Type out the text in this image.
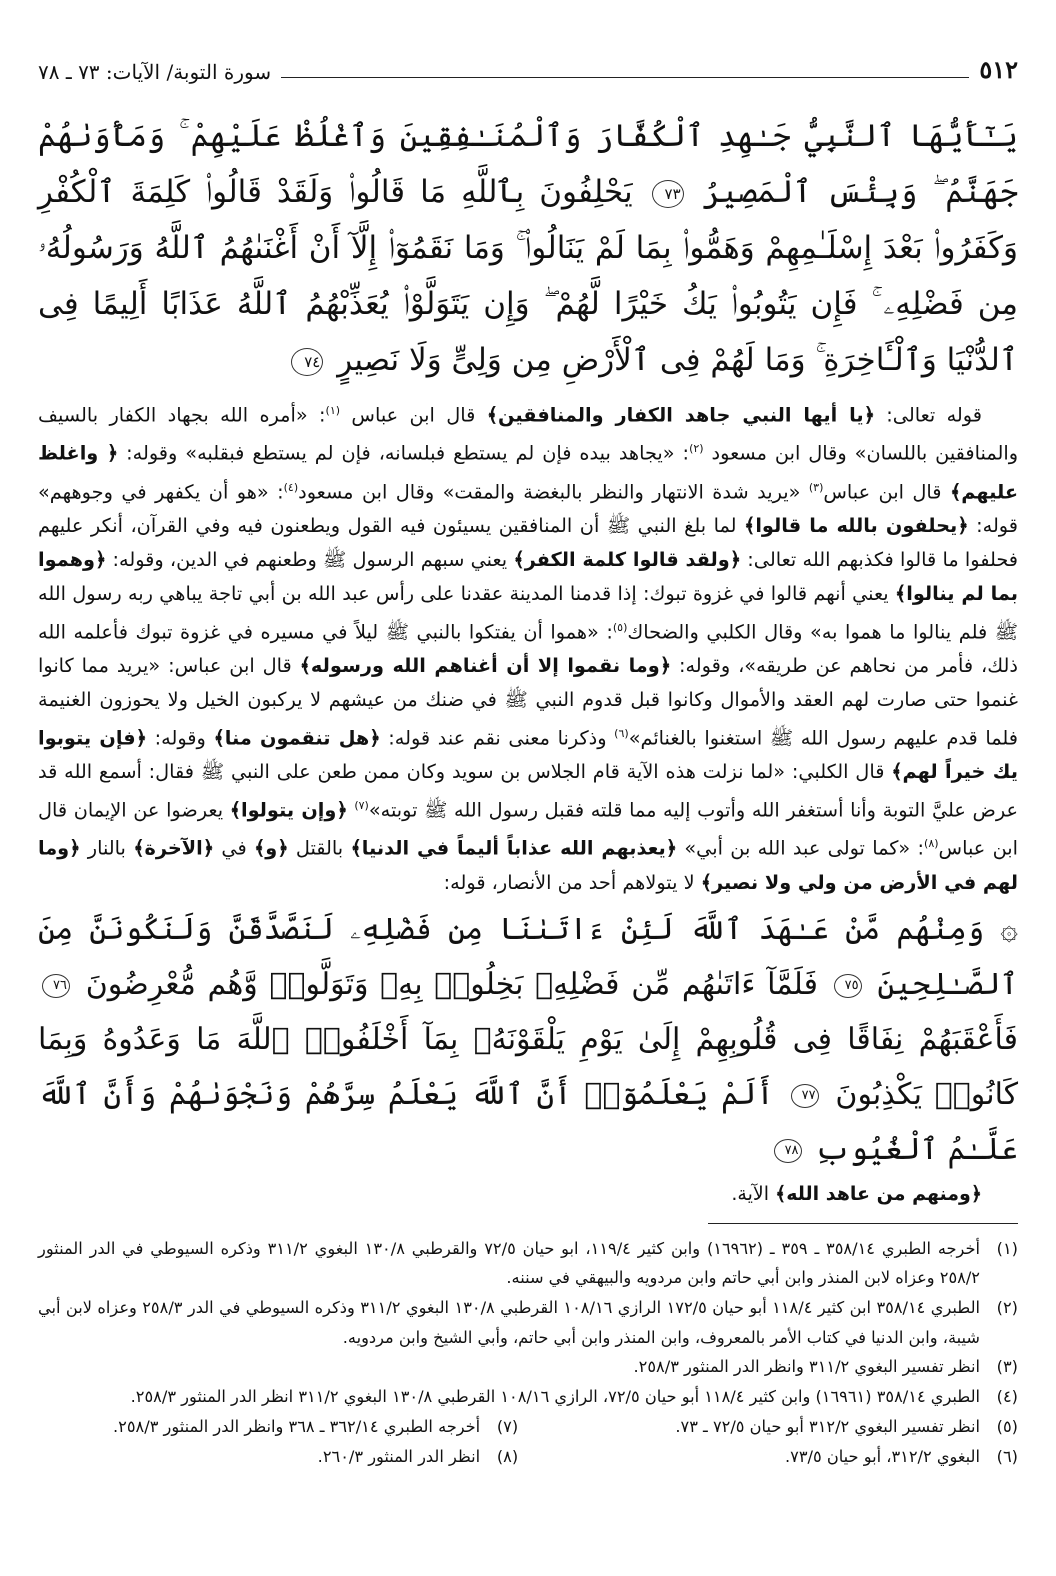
٥١٢
سورة التوبة/ الآيات: ٧٣ ـ ٧٨
يَـٰٓأَيُّهَا ٱلنَّبِيُّ جَـٰهِدِ ٱلْكُفَّارَ وَٱلْمُنَـٰفِقِينَ وَٱغْلُظْ عَلَيْهِمْ ۚ وَمَأْوَىٰهُمْ جَهَنَّمُ ۖ وَبِئْسَ ٱلْمَصِيرُ ٧٣ يَحْلِفُونَ بِٱللَّهِ مَا قَالُوا۟ وَلَقَدْ قَالُوا۟ كَلِمَةَ ٱلْكُفْرِ وَكَفَرُوا۟ بَعْدَ إِسْلَـٰمِهِمْ وَهَمُّوا۟ بِمَا لَمْ يَنَالُوا۟ ۚ وَمَا نَقَمُوٓا۟ إِلَّآ أَنْ أَغْنَىٰهُمُ ٱللَّهُ وَرَسُولُهُۥ مِن فَضْلِهِۦ ۚ فَإِن يَتُوبُوا۟ يَكُ خَيْرًا لَّهُمْ ۖ وَإِن يَتَوَلَّوْا۟ يُعَذِّبْهُمُ ٱللَّهُ عَذَابًا أَلِيمًا فِى ٱلدُّنْيَا وَٱلْـَٔاخِرَةِ ۚ وَمَا لَهُمْ فِى ٱلْأَرْضِ مِن وَلِىٍّ وَلَا نَصِيرٍ ٧٤

قوله تعالى: ﴿يا أيها النبي جاهد الكفار والمنافقين﴾ قال ابن عباس $^{(١)}$: «أمره الله بجهاد الكفار بالسيف والمنافقين باللسان» وقال ابن مسعود $^{(٢)}$: «يجاهد بيده فإن لم يستطع فبلسانه، فإن لم يستطع فبقلبه» وقوله: ﴿ واغلظ عليهم﴾ قال ابن عباس$^{(٣)}$ «يريد شدة الانتهار والنظر بالبغضة والمقت» وقال ابن مسعود$^{(٤)}$: «هو أن يكفهر في وجوههم» قوله: ﴿يحلفون بالله ما قالوا﴾ لما بلغ النبي ﷺ أن المنافقين يسيئون فيه القول ويطعنون فيه وفي القرآن، أنكر عليهم فحلفوا ما قالوا فكذبهم الله تعالى: ﴿ولقد قالوا كلمة الكفر﴾ يعني سبهم الرسول ﷺ وطعنهم في الدين، وقوله: ﴿وهموا بما لم ينالوا﴾ يعني أنهم قالوا في غزوة تبوك: إذا قدمنا المدينة عقدنا على رأس عبد الله بن أبي تاجة يباهي ربه رسول الله ﷺ فلم ينالوا ما هموا به» وقال الكلبي والضحاك$^{(٥)}$: «هموا أن يفتكوا بالنبي ﷺ ليلاً في مسيره في غزوة تبوك فأعلمه الله ذلك، فأمر من نحاهم عن طريقه»، وقوله: ﴿وما نقموا إلا أن أغناهم الله ورسوله﴾ قال ابن عباس: «يريد مما كانوا غنموا حتى صارت لهم العقد والأموال وكانوا قبل قدوم النبي ﷺ في ضنك من عيشهم لا يركبون الخيل ولا يحوزون الغنيمة فلما قدم عليهم رسول الله ﷺ استغنوا بالغنائم»$^{(٦)}$ وذكرنا معنى نقم عند قوله: ﴿هل تنقمون منا﴾ وقوله: ﴿فإن يتوبوا يك خيراً لهم﴾ قال الكلبي: «لما نزلت هذه الآية قام الجلاس بن سويد وكان ممن طعن على النبي ﷺ فقال: أسمع الله قد عرض عليَّ التوبة وأنا أستغفر الله وأتوب إليه مما قلته فقبل رسول الله ﷺ توبته»$^{(٧)}$ ﴿وإن يتولوا﴾ يعرضوا عن الإيمان قال ابن عباس$^{(٨)}$: «كما تولى عبد الله بن أبي» ﴿يعذبهم الله عذاباً أليماً في الدنيا﴾ بالقتل ﴿و﴾ في ﴿الآخرة﴾ بالنار ﴿وما لهم في الأرض من ولي ولا نصير﴾ لا يتولاهم أحد من الأنصار، قوله:

۞ وَمِنْهُم مَّنْ عَـٰهَدَ ٱللَّهَ لَئِنْ ءَاتَىٰنَا مِن فَضْلِهِۦ لَنَصَّدَّقَنَّ وَلَنَكُونَنَّ مِنَ ٱلصَّـٰلِحِينَ ٧٥ فَلَمَّآ ءَاتَىٰهُم مِّن فَضْلِهِۦ بَخِلُوا۟ بِهِۦ وَتَوَلَّوا۟ وَّهُم مُّعْرِضُونَ ٧٦ فَأَعْقَبَهُمْ نِفَاقًا فِى قُلُوبِهِمْ إِلَىٰ يَوْمِ يَلْقَوْنَهُۥ بِمَآ أَخْلَفُوا۟ ٱللَّهَ مَا وَعَدُوهُ وَبِمَا كَانُوا۟ يَكْذِبُونَ ٧٧ أَلَمْ يَعْلَمُوٓا۟ أَنَّ ٱللَّهَ يَعْلَمُ سِرَّهُمْ وَنَجْوَىٰهُمْ وَأَنَّ ٱللَّهَ عَلَّـٰمُ ٱلْغُيُوبِ ٧٨
﴿ومنهم من عاهد الله﴾ الآية.
(١)
أخرجه الطبري ٣٥٨/١٤ ـ ٣٥٩ ـ (١٦٩٦٢) وابن كثير ١١٩/٤، ابو حيان ٧٢/٥ والقرطبي ١٣٠/٨ البغوي ٣١١/٢ وذكره السيوطي في الدر المنثور ٢٥٨/٢ وعزاه لابن المنذر وابن أبي حاتم وابن مردويه والبيهقي في سننه.
(٢)
الطبري ٣٥٨/١٤ ابن كثير ١١٨/٤ أبو حيان ١٧٢/٥ الرازي ١٠٨/١٦ القرطبي ١٣٠/٨ البغوي ٣١١/٢ وذكره السيوطي في الدر ٢٥٨/٣ وعزاه لابن أبي شيبة، وابن الدنيا في كتاب الأمر بالمعروف، وابن المنذر وابن أبي حاتم، وأبي الشيخ وابن مردويه.
(٣)
انظر تفسير البغوي ٣١١/٢ وانظر الدر المنثور ٢٥٨/٣.
(٤)
الطبري ٣٥٨/١٤ (١٦٩٦١) وابن كثير ١١٨/٤ أبو حيان ٧٢/٥، الرازي ١٠٨/١٦ القرطبي ١٣٠/٨ البغوي ٣١١/٢ انظر الدر المنثور ٢٥٨/٣.
(٥)
انظر تفسير البغوي ٣١٢/٢ أبو حيان ٧٢/٥ ـ ٧٣.
(٦)
البغوي ٣١٢/٢، أبو حيان ٧٣/٥.
(٧)
أخرجه الطبري ٣٦٢/١٤ ـ ٣٦٨ وانظر الدر المنثور ٢٥٨/٣.
(٨)
انظر الدر المنثور ٢٦٠/٣.
